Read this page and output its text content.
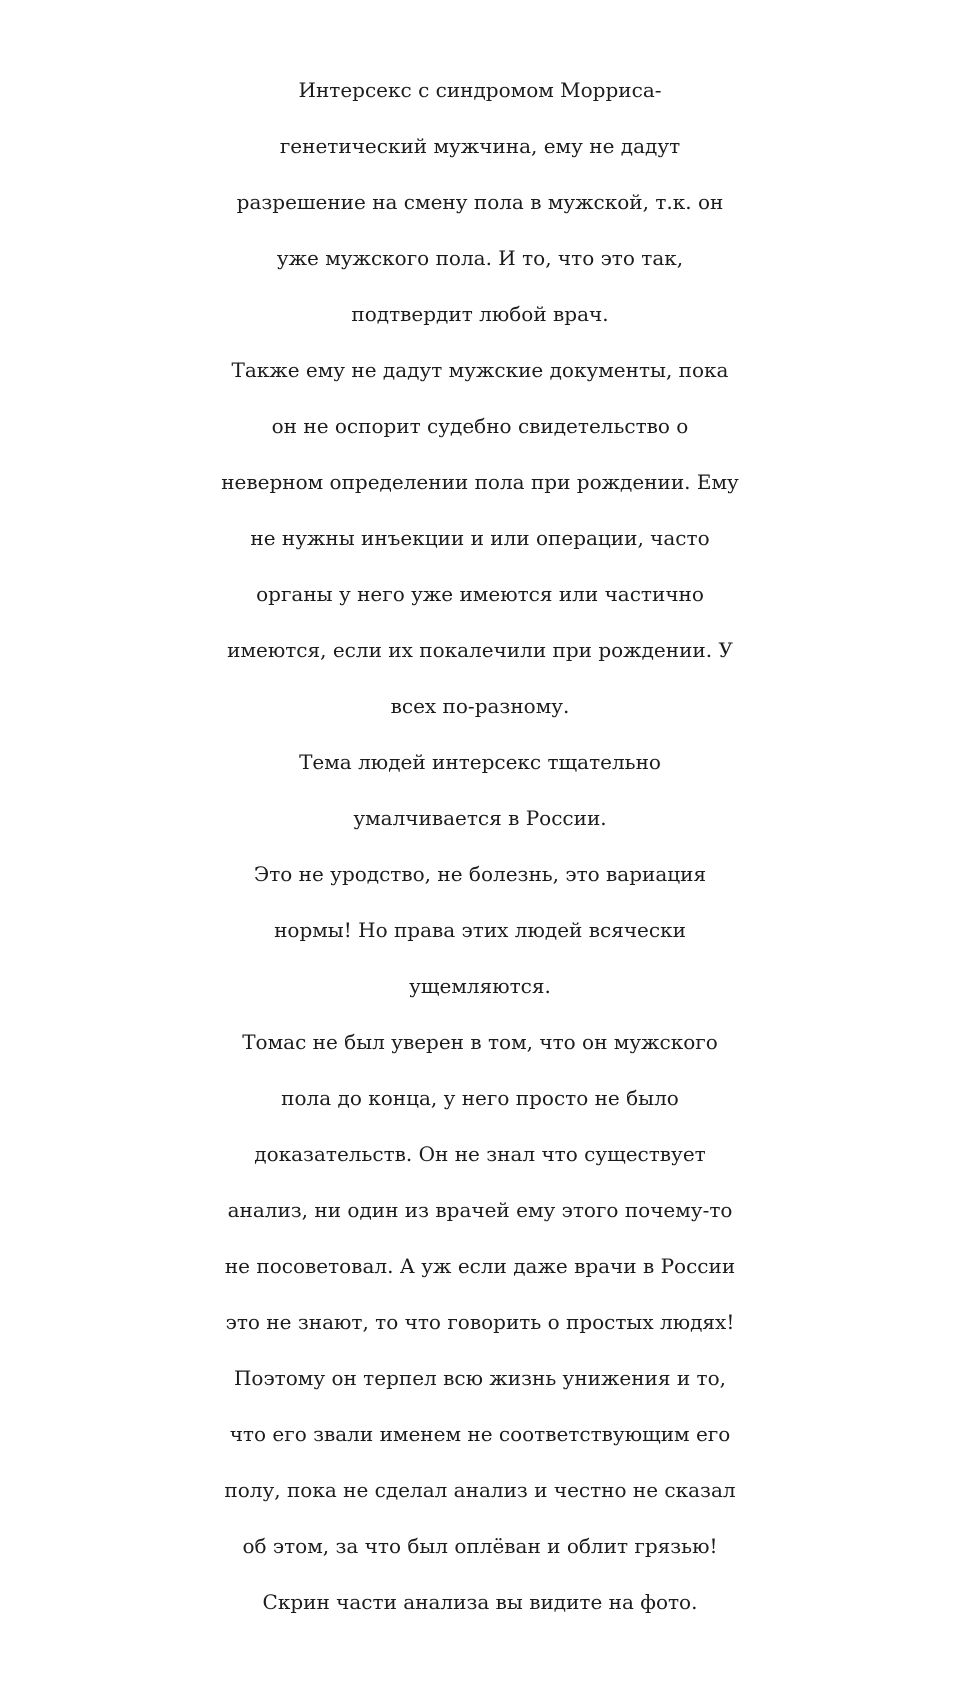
Интерсекс с синдромом Морриса-
генетический мужчина, ему не дадут
разрешение на смену пола в мужской, т.к. он
уже мужского пола. И то, что это так,
подтвердит любой врач.
Также ему не дадут мужские документы, пока
он не оспорит судебно свидетельство о
неверном определении пола при рождении. Ему
не нужны инъекции и или операции, часто
органы у него уже имеются или частично
имеются, если их покалечили при рождении. У
всех по-разному.
Тема людей интерсекс тщательно
умалчивается в России.
Это не уродство, не болезнь, это вариация
нормы! Но права этих людей всячески
ущемляются.
Томас не был уверен в том, что он мужского
пола до конца, у него просто не было
доказательств. Он не знал что существует
анализ, ни один из врачей ему этого почему-то
не посоветовал. А уж если даже врачи в России
это не знают, то что говорить о простых людях!
Поэтому он терпел всю жизнь унижения и то,
что его звали именем не соответствующим его
полу, пока не сделал анализ и честно не сказал
об этом, за что был оплёван и облит грязью!
Скрин части анализа вы видите на фото.
